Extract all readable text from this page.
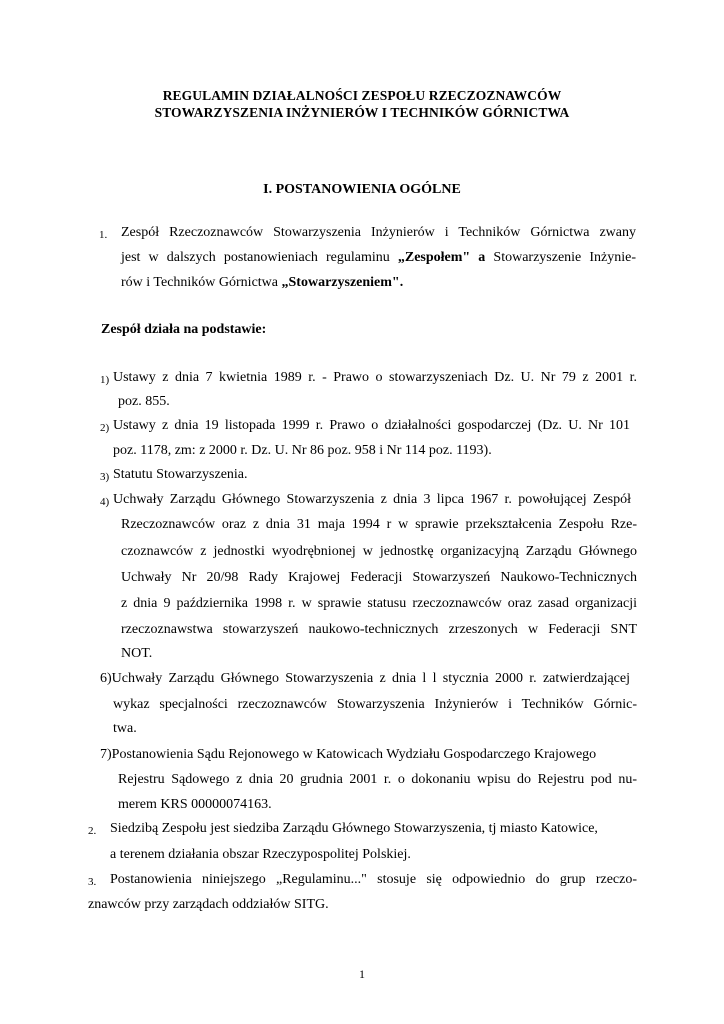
REGULAMIN DZIAŁALNOŚCI ZESPOŁU RZECZOZNAWCÓW
STOWARZYSZENIA INŻYNIERÓW I TECHNIKÓW GÓRNICTWA
I. POSTANOWIENIA OGÓLNE
1. Zespół Rzeczoznawców Stowarzyszenia Inżynierów i Techników Górnictwa zwany
jest w dalszych postanowieniach regulaminu „Zespołem" a Stowarzyszenie Inżynie-
rów i Techników Górnictwa „Stowarzyszeniem".
Zespół działa na podstawie:
1) Ustawy z dnia 7 kwietnia 1989 r. - Prawo o stowarzyszeniach Dz. U. Nr 79 z 2001 r.
poz. 855.
2) Ustawy z dnia 19 listopada 1999 r. Prawo o działalności gospodarczej (Dz. U. Nr 101
poz. 1178, zm: z 2000 r. Dz. U. Nr 86 poz. 958 i Nr 114 poz. 1193).
3) Statutu Stowarzyszenia.
4) Uchwały Zarządu Głównego Stowarzyszenia z dnia 3 lipca 1967 r. powołującej Zespół
Rzeczoznawców oraz z dnia 31 maja 1994 r w sprawie przekształcenia Zespołu Rze-
czoznawców z jednostki wyodrębnionej w jednostkę organizacyjną Zarządu Głównego
Uchwały Nr 20/98 Rady Krajowej Federacji Stowarzyszeń Naukowo-Technicznych
z dnia 9 października 1998 r. w sprawie statusu rzeczoznawców oraz zasad organizacji
rzeczoznawstwa stowarzyszeń naukowo-technicznych zrzeszonych w Federacji SNT
NOT.
6)Uchwały Zarządu Głównego Stowarzyszenia z dnia l l stycznia 2000 r. zatwierdzającej
wykaz specjalności rzeczoznawców Stowarzyszenia Inżynierów i Techników Górnic-
twa.
7)Postanowienia Sądu Rejonowego w Katowicach Wydziału Gospodarczego Krajowego
Rejestru Sądowego z dnia 20 grudnia 2001 r. o dokonaniu wpisu do Rejestru pod nu-
merem KRS 00000074163.
2. Siedzibą Zespołu jest siedziba Zarządu Głównego Stowarzyszenia, tj miasto Katowice,
a terenem działania obszar Rzeczypospolitej Polskiej.
3. Postanowienia niniejszego „Regulaminu..." stosuje się odpowiednio do grup rzeczo-
znawców przy zarządach oddziałów SITG.
1
